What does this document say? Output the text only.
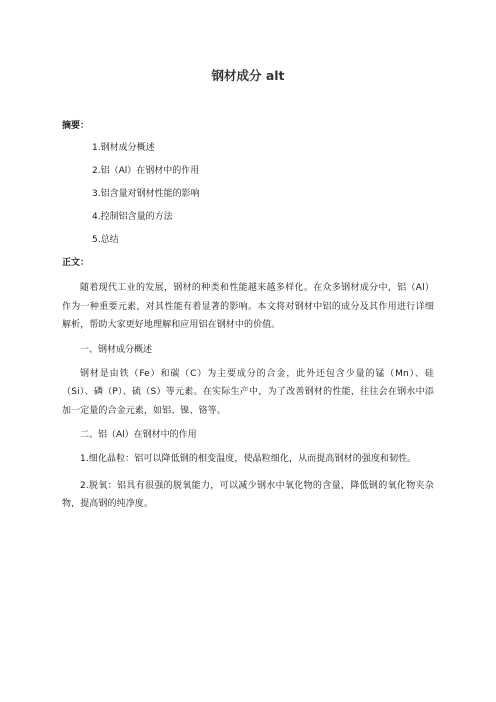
钢材成分 alt
摘要：
1.钢材成分概述
2.铝（Al）在钢材中的作用
3.铝含量对钢材性能的影响
4.控制铝含量的方法
5.总结
正文：
随着现代工业的发展，钢材的种类和性能越来越多样化。在众多钢材成分中，铝（Al）作为一种重要元素，对其性能有着显著的影响。本文将对钢材中铝的成分及其作用进行详细解析，帮助大家更好地理解和应用铝在钢材中的价值。
一、钢材成分概述
钢材是由铁（Fe）和碳（C）为主要成分的合金，此外还包含少量的锰（Mn）、硅（Si）、磷（P）、硫（S）等元素。在实际生产中，为了改善钢材的性能，往往会在钢水中添加一定量的合金元素，如铝、镍、铬等。
二、铝（Al）在钢材中的作用
1.细化晶粒：铝可以降低钢的相变温度，使晶粒细化，从而提高钢材的强度和韧性。
2.脱氧：铝具有很强的脱氧能力，可以减少钢水中氧化物的含量，降低钢的氧化物夹杂物，提高钢的纯净度。
